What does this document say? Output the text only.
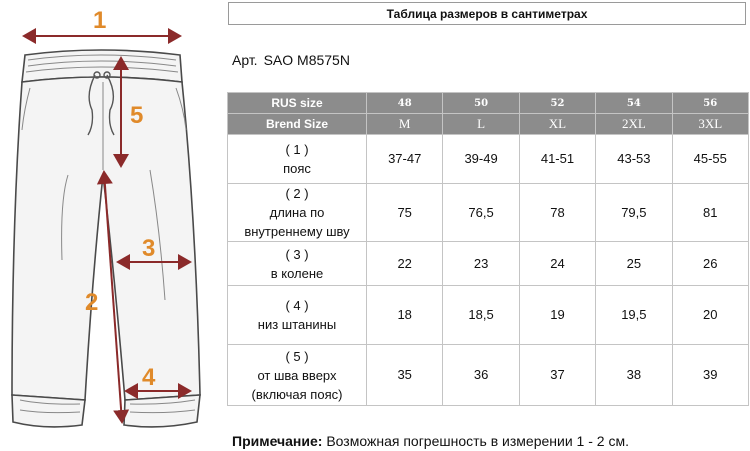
1
5
3
2
4
Таблица размеров в сантиметрах
Арт. SAO M8575N
RUS size	48	50	52	54	56
Brend Size	M	L	XL	2XL	3XL

( 1 )
пояс	37-47	39-49	41-51	43-53	45-55

( 2 )
длина по
внутреннему шву	75	76,5	78	79,5	81

( 3 )
в колене	22	23	24	25	26

( 4 )
низ штанины	18	18,5	19	19,5	20

( 5 )
от шва вверх
(включая пояс)	35	36	37	38	39
Примечание: Возможная погрешность в измерении 1 - 2 см.
